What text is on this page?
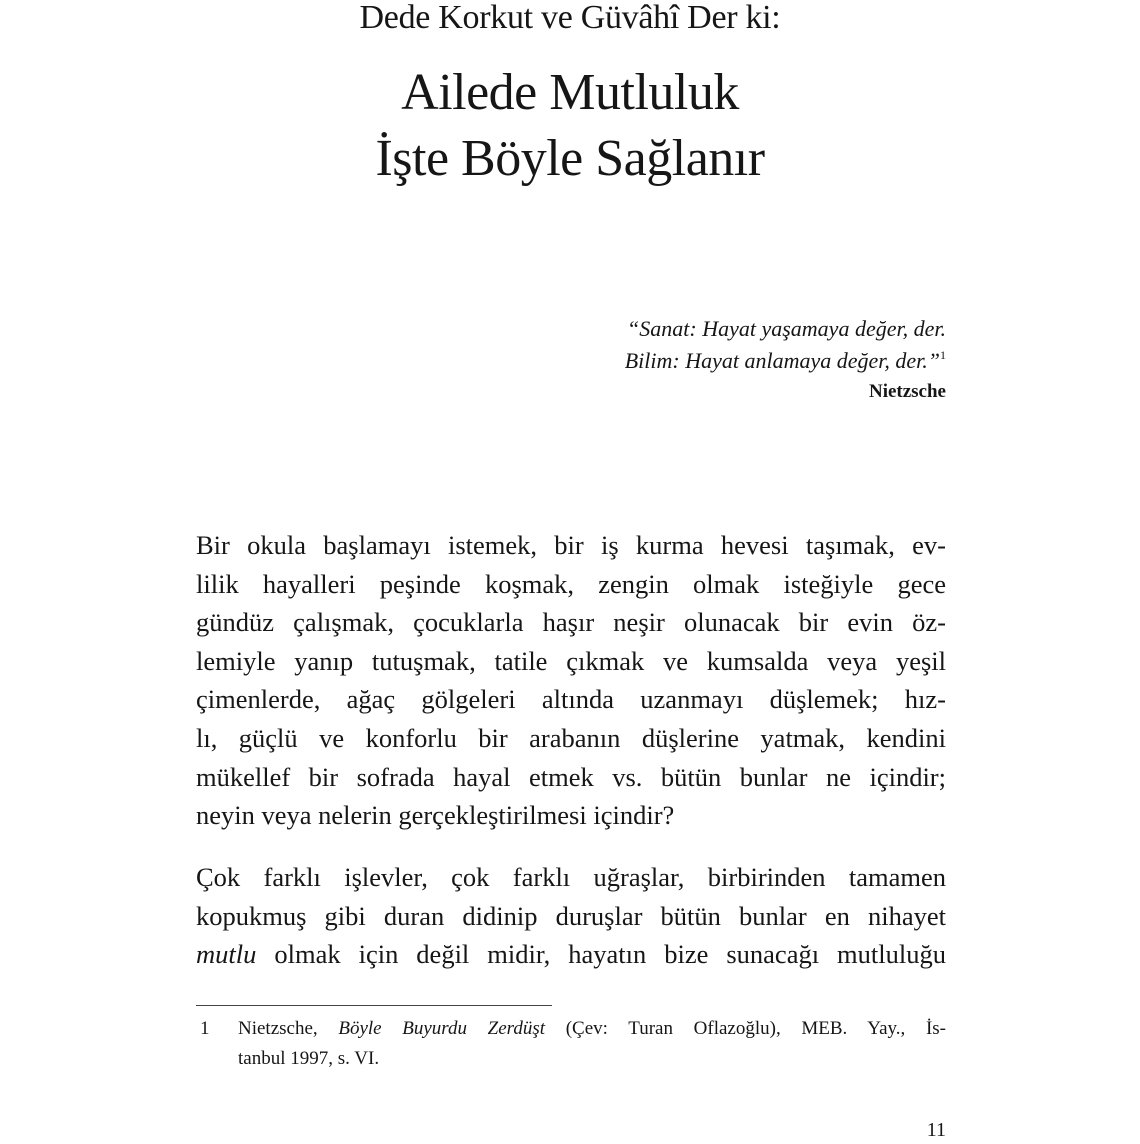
Dede Korkut ve Güvâhî Der ki:
Ailede Mutluluk
İşte Böyle Sağlanır
“Sanat: Hayat yaşamaya değer, der.
Bilim: Hayat anlamaya değer, der.”$^1$
Nietzsche
Bir okula başlamayı istemek, bir iş kurma hevesi taşımak, ev-
lilik hayalleri peşinde koşmak, zengin olmak isteğiyle gece
gündüz çalışmak, çocuklarla haşır neşir olunacak bir evin öz-
lemiyle yanıp tutuşmak, tatile çıkmak ve kumsalda veya yeşil
çimenlerde, ağaç gölgeleri altında uzanmayı düşlemek; hız-
lı, güçlü ve konforlu bir arabanın düşlerine yatmak, kendini
mükellef bir sofrada hayal etmek vs. bütün bunlar ne içindir;
neyin veya nelerin gerçekleştirilmesi içindir?
Çok farklı işlevler, çok farklı uğraşlar, birbirinden tamamen
kopukmuş gibi duran didinip duruşlar bütün bunlar en nihayet
mutlu olmak için değil midir, hayatın bize sunacağı mutluluğu
1 Nietzsche, Böyle Buyurdu Zerdüşt (Çev: Turan Oflazoğlu), MEB. Yay., İs-
tanbul 1997, s. VI.
11
